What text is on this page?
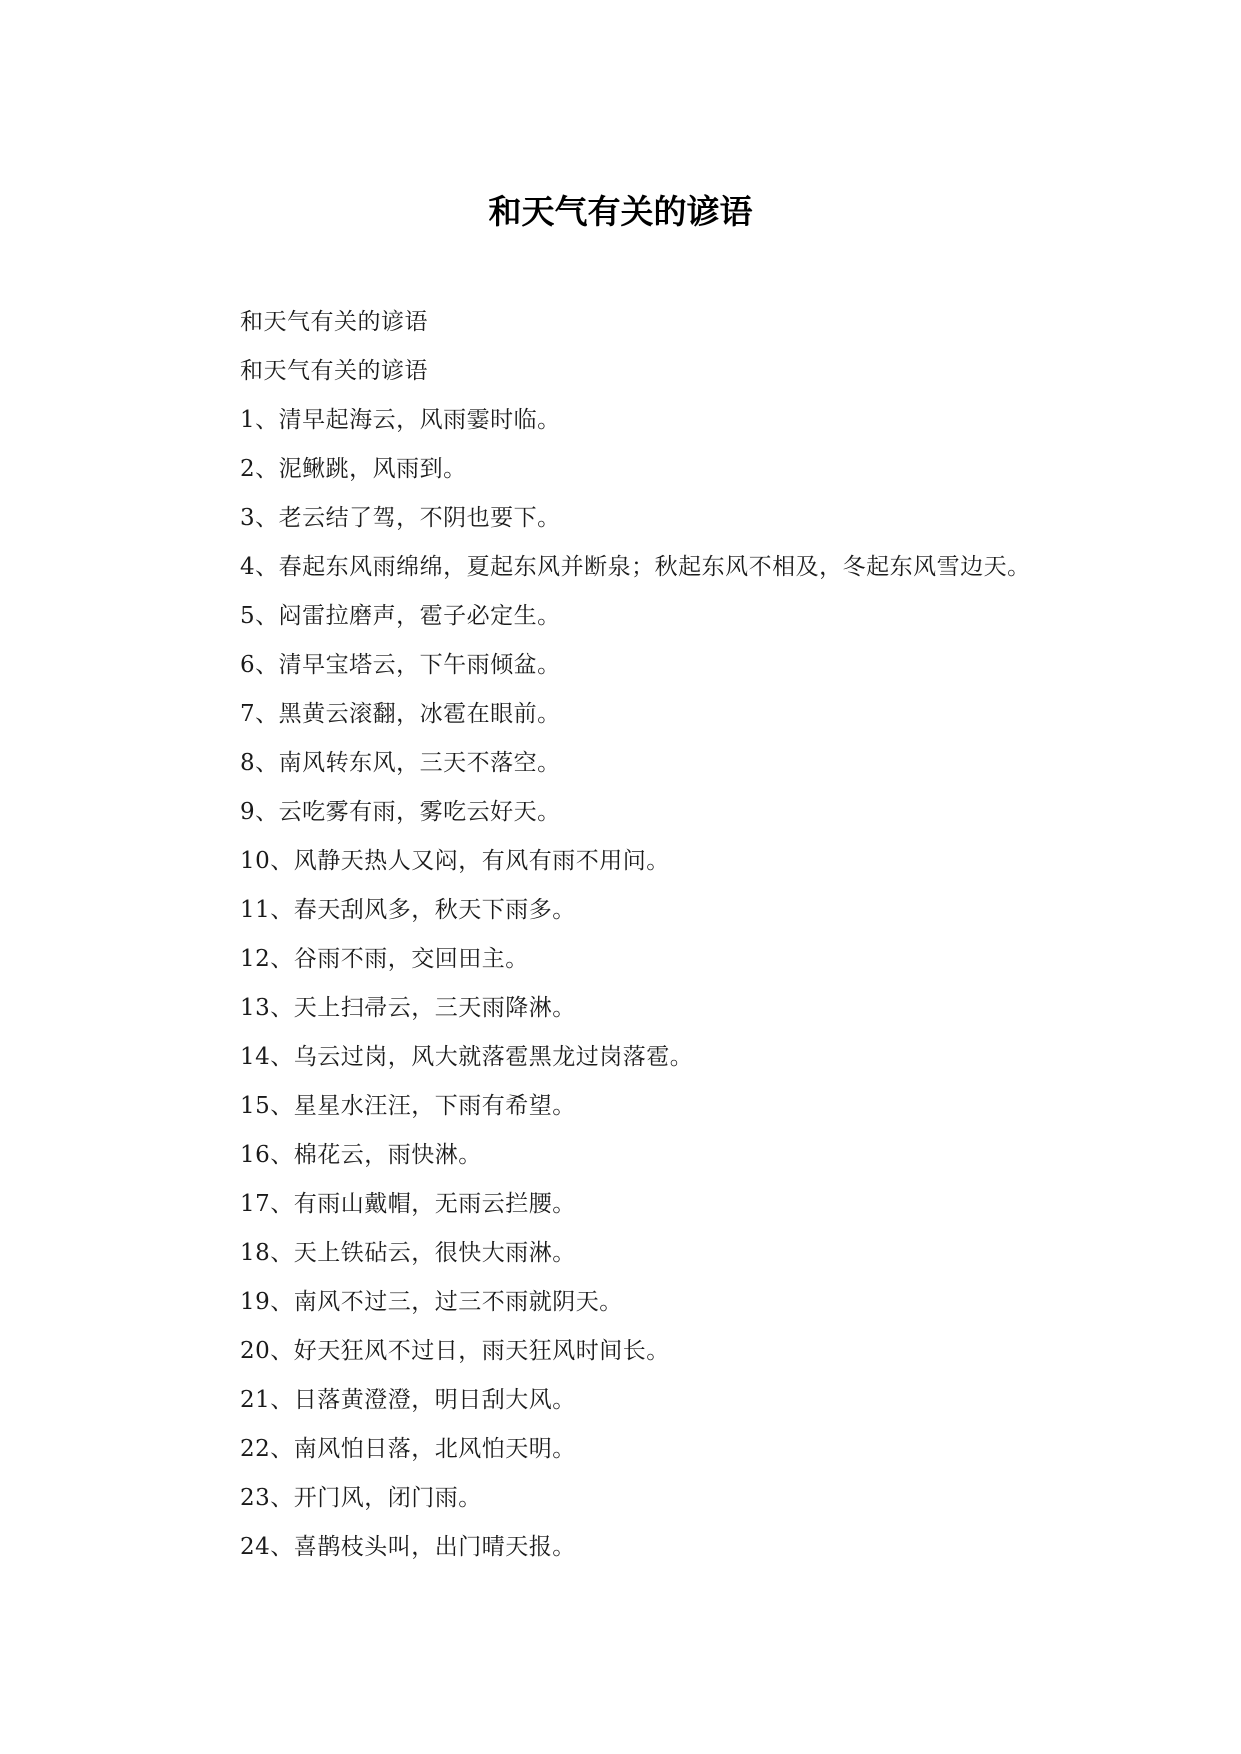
和天气有关的谚语

和天气有关的谚语

和天气有关的谚语

1、清早起海云，风雨霎时临。

2、泥鳅跳，风雨到。

3、老云结了驾，不阴也要下。

4、春起东风雨绵绵，夏起东风并断泉；秋起东风不相及，冬起东风雪边天。

5、闷雷拉磨声，雹子必定生。

6、清早宝塔云，下午雨倾盆。

7、黑黄云滚翻，冰雹在眼前。

8、南风转东风，三天不落空。

9、云吃雾有雨，雾吃云好天。

10、风静天热人又闷，有风有雨不用问。

11、春天刮风多，秋天下雨多。

12、谷雨不雨，交回田主。

13、天上扫帚云，三天雨降淋。

14、乌云过岗，风大就落雹黑龙过岗落雹。

15、星星水汪汪，下雨有希望。

16、棉花云，雨快淋。

17、有雨山戴帽，无雨云拦腰。

18、天上铁砧云，很快大雨淋。

19、南风不过三，过三不雨就阴天。

20、好天狂风不过日，雨天狂风时间长。

21、日落黄澄澄，明日刮大风。

22、南风怕日落，北风怕天明。

23、开门风，闭门雨。

24、喜鹊枝头叫，出门晴天报。
